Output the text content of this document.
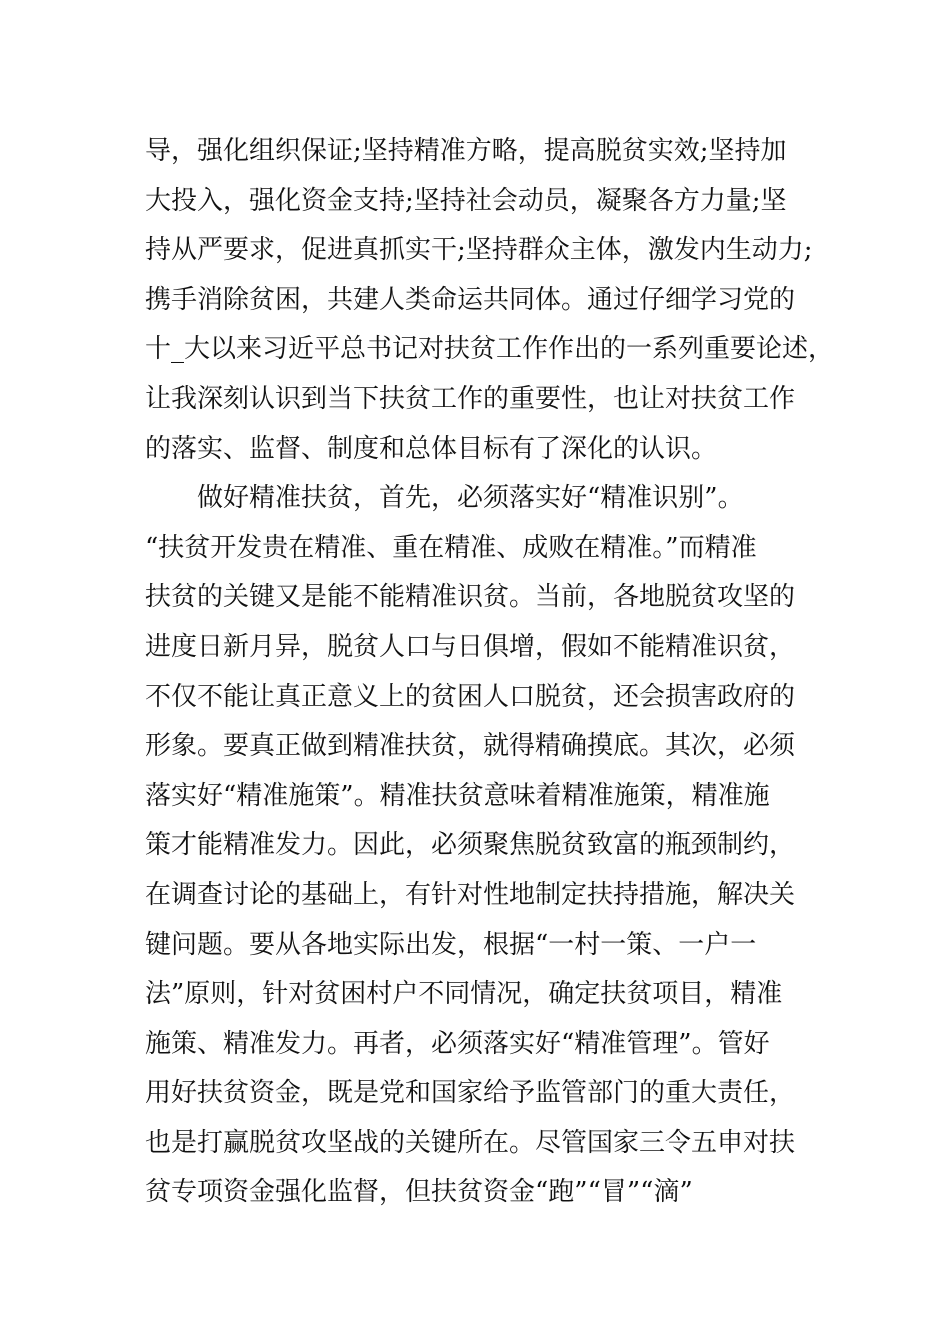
导，强化组织保证;坚持精准方略，提高脱贫实效;坚持加
大投入，强化资金支持;坚持社会动员，凝聚各方力量;坚
持从严要求，促进真抓实干;坚持群众主体，激发内生动力;
携手消除贫困，共建人类命运共同体。通过仔细学习党的
十_大以来习近平总书记对扶贫工作作出的一系列重要论述，
让我深刻认识到当下扶贫工作的重要性，也让对扶贫工作
的落实、监督、制度和总体目标有了深化的认识。
做好精准扶贫，首先，必须落实好“精准识别”。
“扶贫开发贵在精准、重在精准、成败在精准。”而精准
扶贫的关键又是能不能精准识贫。当前，各地脱贫攻坚的
进度日新月异，脱贫人口与日俱增，假如不能精准识贫，
不仅不能让真正意义上的贫困人口脱贫，还会损害政府的
形象。要真正做到精准扶贫，就得精确摸底。其次，必须
落实好“精准施策”。精准扶贫意味着精准施策，精准施
策才能精准发力。因此，必须聚焦脱贫致富的瓶颈制约，
在调查讨论的基础上，有针对性地制定扶持措施，解决关
键问题。要从各地实际出发，根据“一村一策、一户一
法”原则，针对贫困村户不同情况，确定扶贫项目，精准
施策、精准发力。再者，必须落实好“精准管理”。管好
用好扶贫资金，既是党和国家给予监管部门的重大责任，
也是打赢脱贫攻坚战的关键所在。尽管国家三令五申对扶
贫专项资金强化监督，但扶贫资金“跑”“冒”“滴”
